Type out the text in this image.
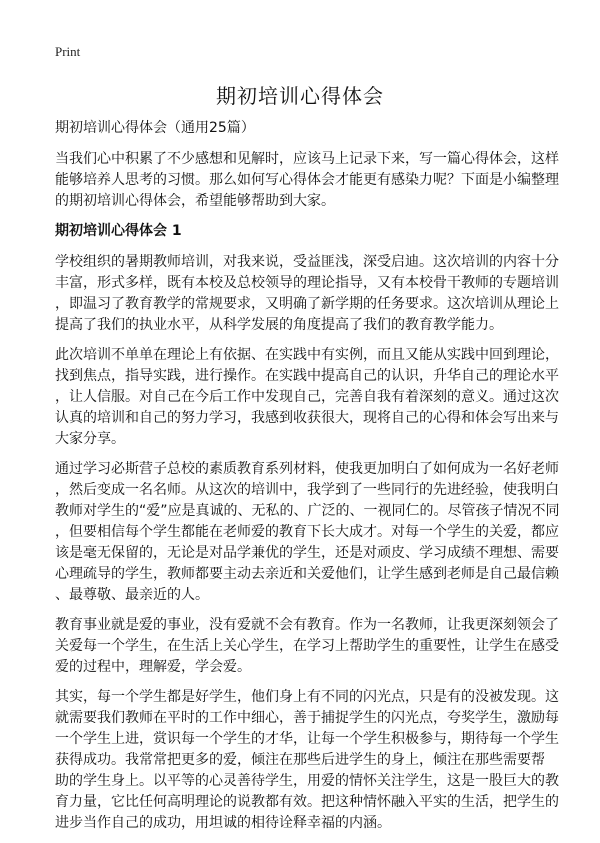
Print
期初培训心得体会
期初培训心得体会（通用25篇）
当我们心中积累了不少感想和见解时，应该马上记录下来，写一篇心得体会，这样
能够培养人思考的习惯。那么如何写心得体会才能更有感染力呢？下面是小编整理
的期初培训心得体会，希望能够帮助到大家。
期初培训心得体会 1
学校组织的暑期教师培训，对我来说，受益匪浅，深受启迪。这次培训的内容十分
丰富，形式多样，既有本校及总校领导的理论指导，又有本校骨干教师的专题培训
，即温习了教育教学的常规要求，又明确了新学期的任务要求。这次培训从理论上
提高了我们的执业水平，从科学发展的角度提高了我们的教育教学能力。
此次培训不单单在理论上有依据、在实践中有实例，而且又能从实践中回到理论，
找到焦点，指导实践，进行操作。在实践中提高自己的认识，升华自己的理论水平
，让人信服。对自己在今后工作中发现自己，完善自我有着深刻的意义。通过这次
认真的培训和自己的努力学习，我感到收获很大，现将自己的心得和体会写出来与
大家分享。
通过学习必斯营子总校的素质教育系列材料，使我更加明白了如何成为一名好老师
，然后变成一名名师。从这次的培训中，我学到了一些同行的先进经验，使我明白
教师对学生的“爱”应是真诚的、无私的、广泛的、一视同仁的。尽管孩子情况不同
，但要相信每个学生都能在老师爱的教育下长大成才。对每一个学生的关爱，都应
该是毫无保留的，无论是对品学兼优的学生，还是对顽皮、学习成绩不理想、需要
心理疏导的学生，教师都要主动去亲近和关爱他们，让学生感到老师是自己最信赖
、最尊敬、最亲近的人。
教育事业就是爱的事业，没有爱就不会有教育。作为一名教师，让我更深刻领会了
关爱每一个学生，在生活上关心学生，在学习上帮助学生的重要性，让学生在感受
爱的过程中，理解爱，学会爱。
其实，每一个学生都是好学生，他们身上有不同的闪光点，只是有的没被发现。这
就需要我们教师在平时的工作中细心，善于捕捉学生的闪光点，夸奖学生，激励每
一个学生上进，赏识每一个学生的才华，让每一个学生积极参与，期待每一个学生
获得成功。我常常把更多的爱，倾注在那些后进学生的身上，倾注在那些需要帮
助的学生身上。以平等的心灵善待学生，用爱的情怀关注学生，这是一股巨大的教
育力量，它比任何高明理论的说教都有效。把这种情怀融入平实的生活，把学生的
进步当作自己的成功，用坦诚的相待诠释幸福的内涵。
